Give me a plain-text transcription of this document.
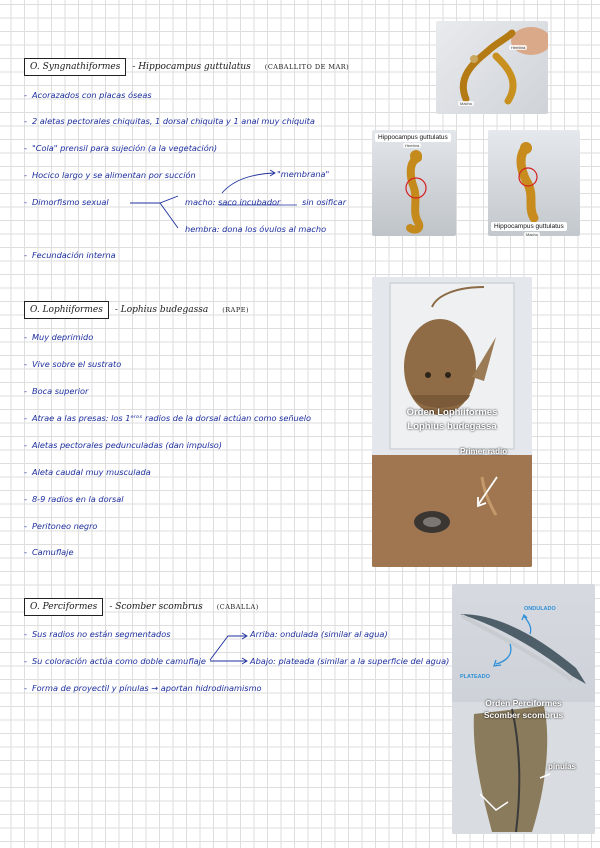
O. Syngnathiformes	- Hippocampus guttulatus (CABALLITO DE MAR)
- Acorazados con placas óseas
- 2 aletas pectorales chiquitas, 1 dorsal chiquita y 1 anal muy chiquita
- "Cola" prensil para sujeción (a la vegetación)
- Hocico largo y se alimentan por succión
- Dimorfismo sexual
- Fecundación interna
macho: saco incubador
"membrana"
sin osificar
hembra: dona los óvulos al macho
Hembra
Macho
Hippocampus guttulatus
Hembra
Hippocampus guttulatus
Macho
O. Lophiiformes	- Lophius budegassa (RAPE)
- Muy deprimido
- Vive sobre el sustrato
- Boca superior
- Atrae a las presas: los 1ᵉʳᵒˢ radios de la dorsal actúan como señuelo
- Aletas pectorales pedunculadas (dan impulso)
- Aleta caudal muy musculada
- 8-9 radios en la dorsal
- Peritoneo negro
- Camuflaje
Orden Lophiiformes
Lophius budegassa
Primer radio
O. Perciformes	- Scomber scombrus (CABALLA)
- Sus radios no están segmentados
- Su coloración actúa como doble camuflaje
- Forma de proyectil y pínulas → aportan hidrodinamismo
Arriba: ondulada (similar al agua)
Abajo: plateada (similar a la superficie del agua)
ONDULADO
PLATEADO
Orden Perciformes
Scomber scombrus
pínulas
